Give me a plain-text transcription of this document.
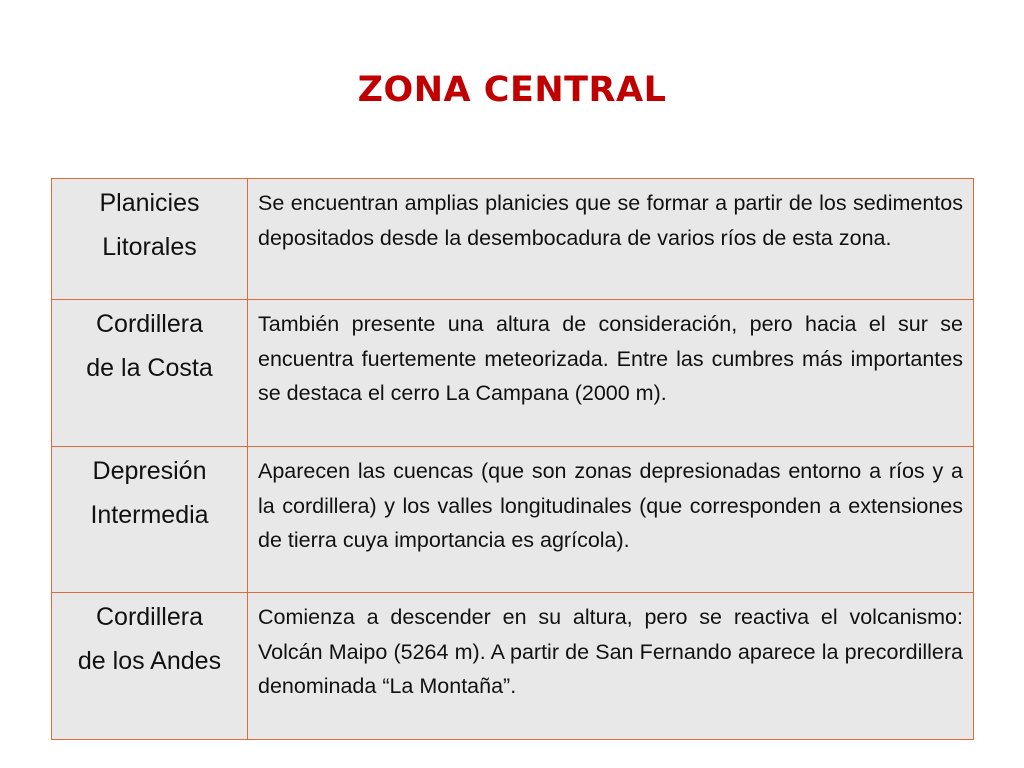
ZONA CENTRAL
Planicies
Litorales	Se encuentran amplias planicies que se formar a partir de los sedimentos depositados desde la desembocadura de varios ríos de esta zona.

Cordillera
de la Costa	También presente una altura de consideración, pero hacia el sur se encuentra fuertemente meteorizada. Entre las cumbres más importantes se destaca el cerro La Campana (2000 m).

Depresión
Intermedia	Aparecen las cuencas (que son zonas depresionadas entorno a ríos y a la cordillera) y los valles longitudinales (que corresponden a extensiones de tierra cuya importancia es agrícola).

Cordillera
de los Andes	Comienza a descender en su altura, pero se reactiva el volcanismo: Volcán Maipo (5264 m). A partir de San Fernando aparece la precordillera denominada “La Montaña”.
